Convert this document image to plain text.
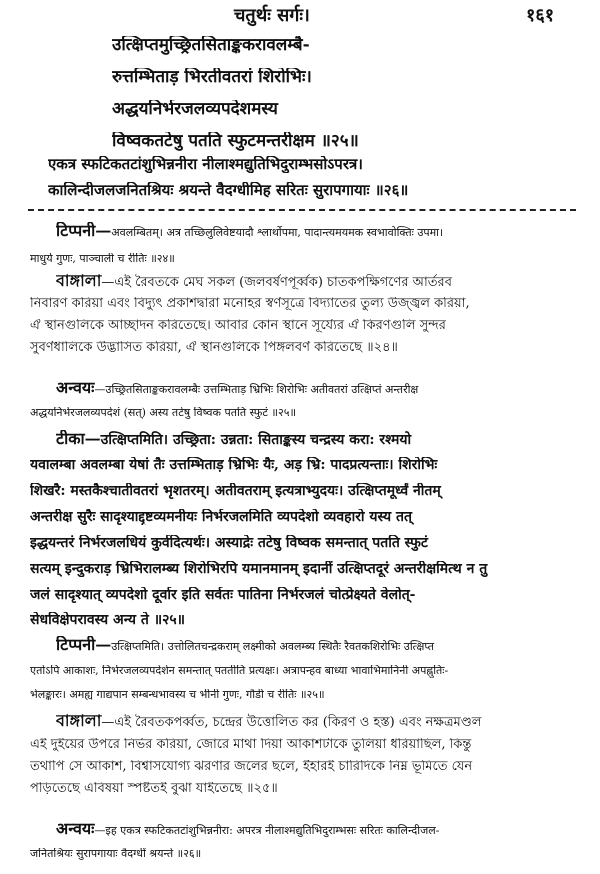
चतुर्थः सर्गः।	१६१
उत्क्षिप्तमुच्छ्रितसिताङ्ककरावलम्बै-
रुत्तम्भिताड़ भिरतीवतरां शिरोभिः।
अद्धयनिर्भरजलव्यपदेशमस्य
विष्वकतटेषु पतति स्फुटमन्तरीक्षम ॥२५॥
एकत्र स्फटिकतटांशुभिन्ननीरा नीलाश्मद्युतिभिदुराम्भसोऽपरत्र।
कालिन्दीजलजनितश्रियः श्रयन्ते वैदग्धीमिह सरितः सुरापगायाः ॥२६॥
टिप्पनी—अवलम्बितम्। अत्र तच्छिलुलिवेष्टयादौ श्लार्थोपमा, पादान्त्यमयमक स्वभावोक्तिः उपमा।
माधुर्य गुणः, पाञ्चाली च रीतिः ॥२४॥
বাঙ্গালা—এই রৈবতকে মেঘ সকল (জলবর্ষণপূর্ব্বক) চাতকপক্ষিগণের আর্তরব
নিবারণ করিয়া এবং বিদ্যুৎ প্রকাশদ্বারা মনোহর স্বর্ণসূত্রে বিদ্যাতের তুল্য উজ্জ্বল করিয়া,
ঐ স্থানগুলিকে আচ্ছাদন করিতেছে। আবার কোন স্থানে সূর্য্যের ঐ কিরণগুলি সুন্দর
সুবর্ণধালিকে উদ্ভাসিত করিয়া, ঐ স্থানগুলিকে পিঙ্গলবর্ণ করিতেছে ॥২৪॥
अन्वयः—उच्छ्रितसिताङ्ककरावलम्बैः उत्तम्भिताड़ भ्रिभिः शिरोभिः अतीवतरां उत्क्षिप्तं अन्तरीक्ष
अद्धयनिर्भरजलव्यपदेशं (सत्) अस्य तटेषु विष्वक पतति स्फुटं ॥२५॥
टीका—उत्क्षिप्तमिति। उच्छ्रिता: उन्नता: सिताङ्कस्य चन्द्रस्य करा: रश्मयो
यवालम्बा अवलम्बा येषां तैः उत्तम्भिताड़ भ्रिभिः यैः, अड़ भ्रि: पादप्रत्यन्ताः। शिरोभिः
शिखरै: मस्तकैश्चातीवतरां भृशतरम्। अतीवतराम् इत्यत्राभ्युदयः। उत्क्षिप्तमूर्ध्वं नीतम्
अन्तरीक्ष सुरैः सादृश्याद्दृष्टव्यमनीयः निर्भरजलमिति व्यपदेशो व्यवहारो यस्य तत्
इद्धयन्तरं निर्भरजलधियं कुर्वदित्यर्थः। अस्याद्रेः तटेषु विष्वक समन्तात् पतति स्फुटं
सत्यम् इन्दुकराड़ भ्रिभिरालम्ब्य शिरोभिरपि यमानमानम् इदानीं उत्क्षिप्तदूरं अन्तरीक्षमित्थ न तु
जलं सादृश्यात् व्यपदेशो दूर्वार इति सर्वतः पातिना निर्भरजलं चोत्प्रेक्ष्यते वेलोत्-
सेधविक्षेपरावस्य अन्य ते ॥२५॥
टिप्पनी—उत्क्षिप्तमिति। उत्तोलितचन्द्रकराम् लक्ष्मीको अवलम्ब्य स्थितैः रैवतकशिरोभिः उत्क्षिप्त
एतोऽपि आकाशः, निर्भरजलव्यपदेशेन समन्तात् पततीति प्रत्यक्षः। अत्रापन्हव बाध्या भावाभिमानिनी अपह्नुतिः-
भेलङ्कारः। अमह्य गाद्यपान सम्बन्धभावस्य च भीनी गुणः, गौडी च रीतिः ॥२५॥
বাঙ্গালা—এই রৈবতকপর্ব্বত, চন্দ্রের উত্তোলিত কর (কিরণ ও হস্ত) এবং নক্ষত্রমণ্ডল
এই দুইয়ের উপরে নির্ভর করিয়া, জোরে মাথা দিয়া আকাশটাকে তুলিয়া ধরিয়াছিল, কিন্তু
তথাপি সে আকাশ, বিশ্বাসযোগ্য ঝরণার জলের ছলে, ইঁহারই চারিদিকে নিম্ন ভূমিতে যেন
পড়িতেছে এবিষয়া স্পষ্টতই বুঝা যাইতেছে ॥২৫॥
अन्वयः—इह एकत्र स्फटिकतटांशुभिन्ननीरा: अपरत्र नीलाश्मद्युतिभिदुराम्भसः सरितः कालिन्दीजल-
जनितश्रियः सुरापगायाः वैदग्धीं श्रयन्ते ॥२६॥
